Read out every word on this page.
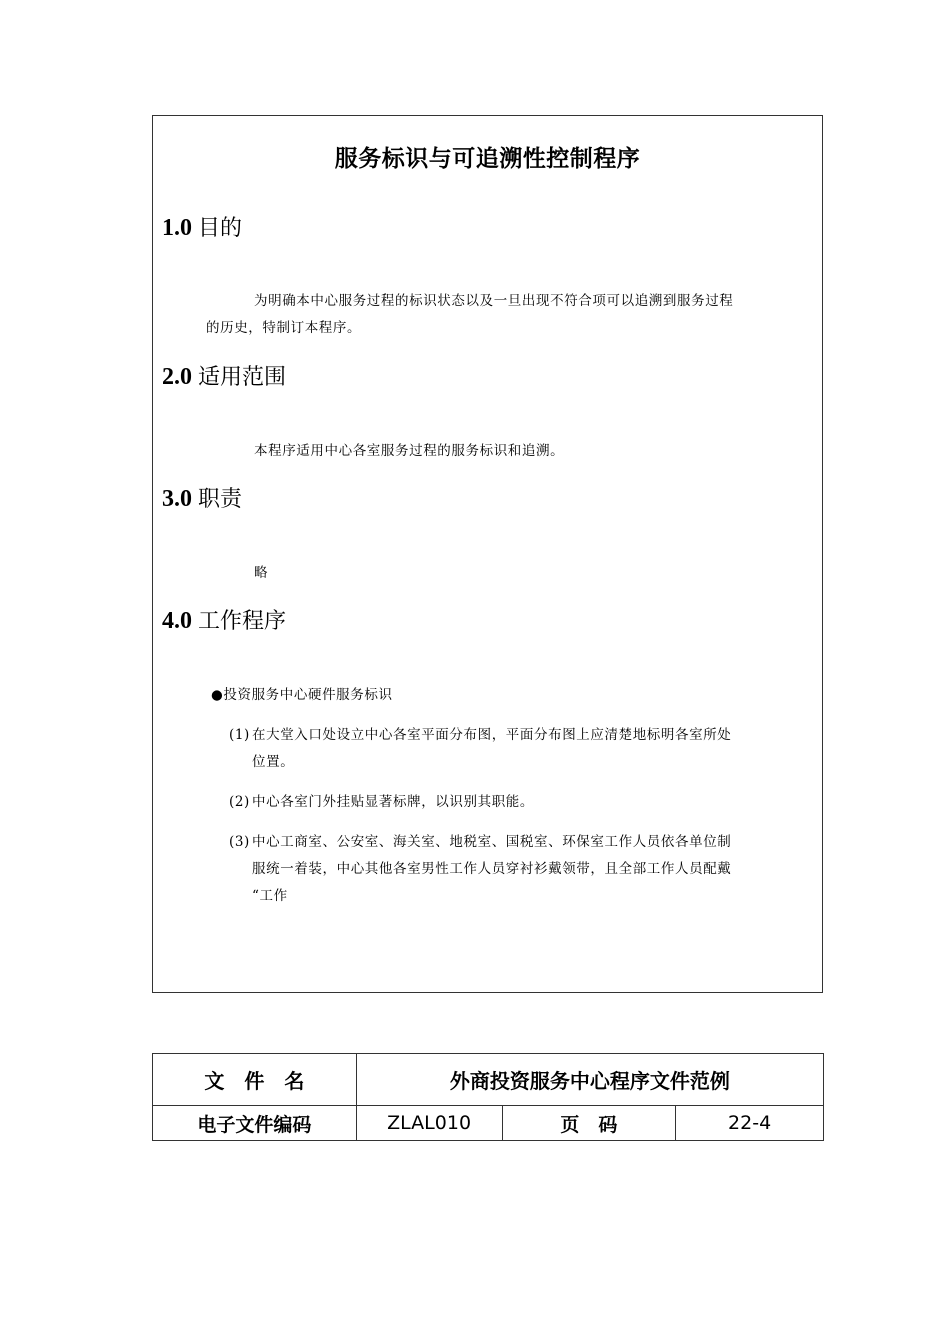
服务标识与可追溯性控制程序
1.0 目的
为明确本中心服务过程的标识状态以及一旦出现不符合项可以追溯到服务过程
的历史，特制订本程序。
2.0 适用范围
本程序适用中心各室服务过程的服务标识和追溯。
3.0 职责
略
4.0 工作程序
●投资服务中心硬件服务标识
(1) 在大堂入口处设立中心各室平面分布图，平面分布图上应清楚地标明各室所处
位置。
(2) 中心各室门外挂贴显著标牌，以识别其职能。
(3) 中心工商室、公安室、海关室、地税室、国税室、环保室工作人员依各单位制
服统一着装，中心其他各室男性工作人员穿衬衫戴领带，且全部工作人员配戴
“工作
文　件　名	外商投资服务中心程序文件范例		
电子文件编码	ZLAL010	页　码	22-4
